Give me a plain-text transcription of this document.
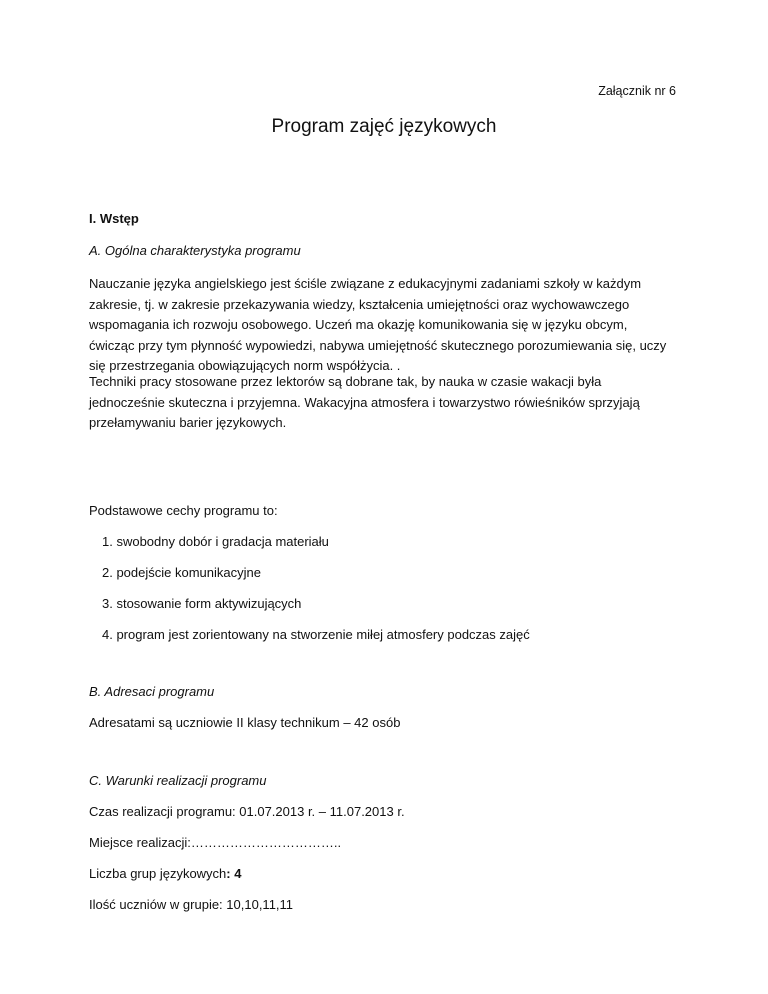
Załącznik nr 6
Program zajęć językowych
I. Wstęp
A. Ogólna charakterystyka programu
Nauczanie języka angielskiego jest ściśle związane z edukacyjnymi zadaniami szkoły w każdym
zakresie, tj. w zakresie przekazywania wiedzy, kształcenia umiejętności oraz wychowawczego
wspomagania ich rozwoju osobowego. Uczeń ma okazję komunikowania się w języku obcym,
ćwicząc przy tym płynność wypowiedzi, nabywa umiejętność skutecznego porozumiewania się, uczy
się przestrzegania obowiązujących norm współżycia. .
Techniki pracy stosowane przez lektorów są dobrane tak, by nauka w czasie wakacji była
jednocześnie skuteczna i przyjemna. Wakacyjna atmosfera i towarzystwo rówieśników sprzyjają
przełamywaniu barier językowych.
Podstawowe cechy programu to:
1. swobodny dobór i gradacja materiału
2. podejście komunikacyjne
3. stosowanie form aktywizujących
4. program jest zorientowany na stworzenie miłej atmosfery podczas zajęć
B. Adresaci programu
Adresatami są uczniowie II klasy technikum – 42 osób
C. Warunki realizacji programu
Czas realizacji programu: 01.07.2013 r. – 11.07.2013 r.
Miejsce realizacji:……………………………..
Liczba grup językowych: 4
Ilość uczniów w grupie: 10,10,11,11
